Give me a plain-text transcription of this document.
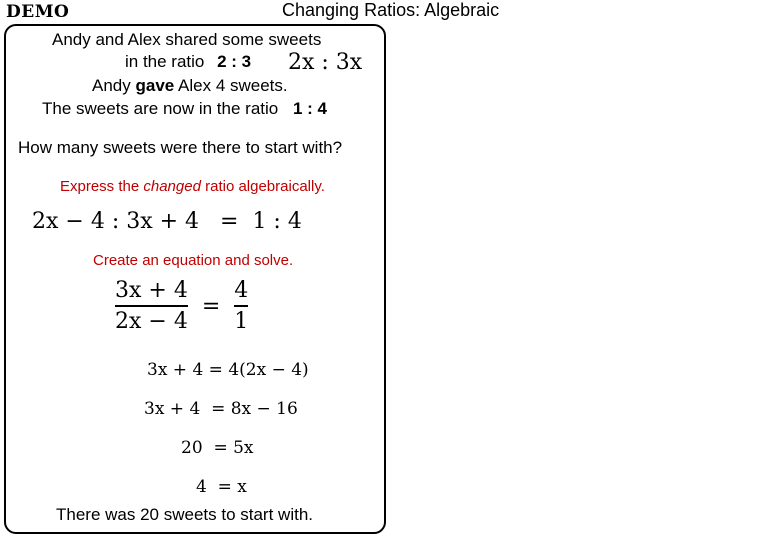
DEMO	Changing Ratios: Algebraic
Andy and Alex shared some sweets
in the ratio 2 : 3 2x : 3x
Andy gave Alex 4 sweets.
The sweets are now in the ratio 1 : 4
How many sweets were there to start with?
Express the changed ratio algebraically.
2x − 4 : 3x + 4   =  1 : 4
Create an equation and solve.
3x + 4
2x − 4
=
4
1
3x + 4 = 4(2x − 4)
3x + 4  = 8x − 16
20  = 5x
4  = x
There was 20 sweets to start with.
